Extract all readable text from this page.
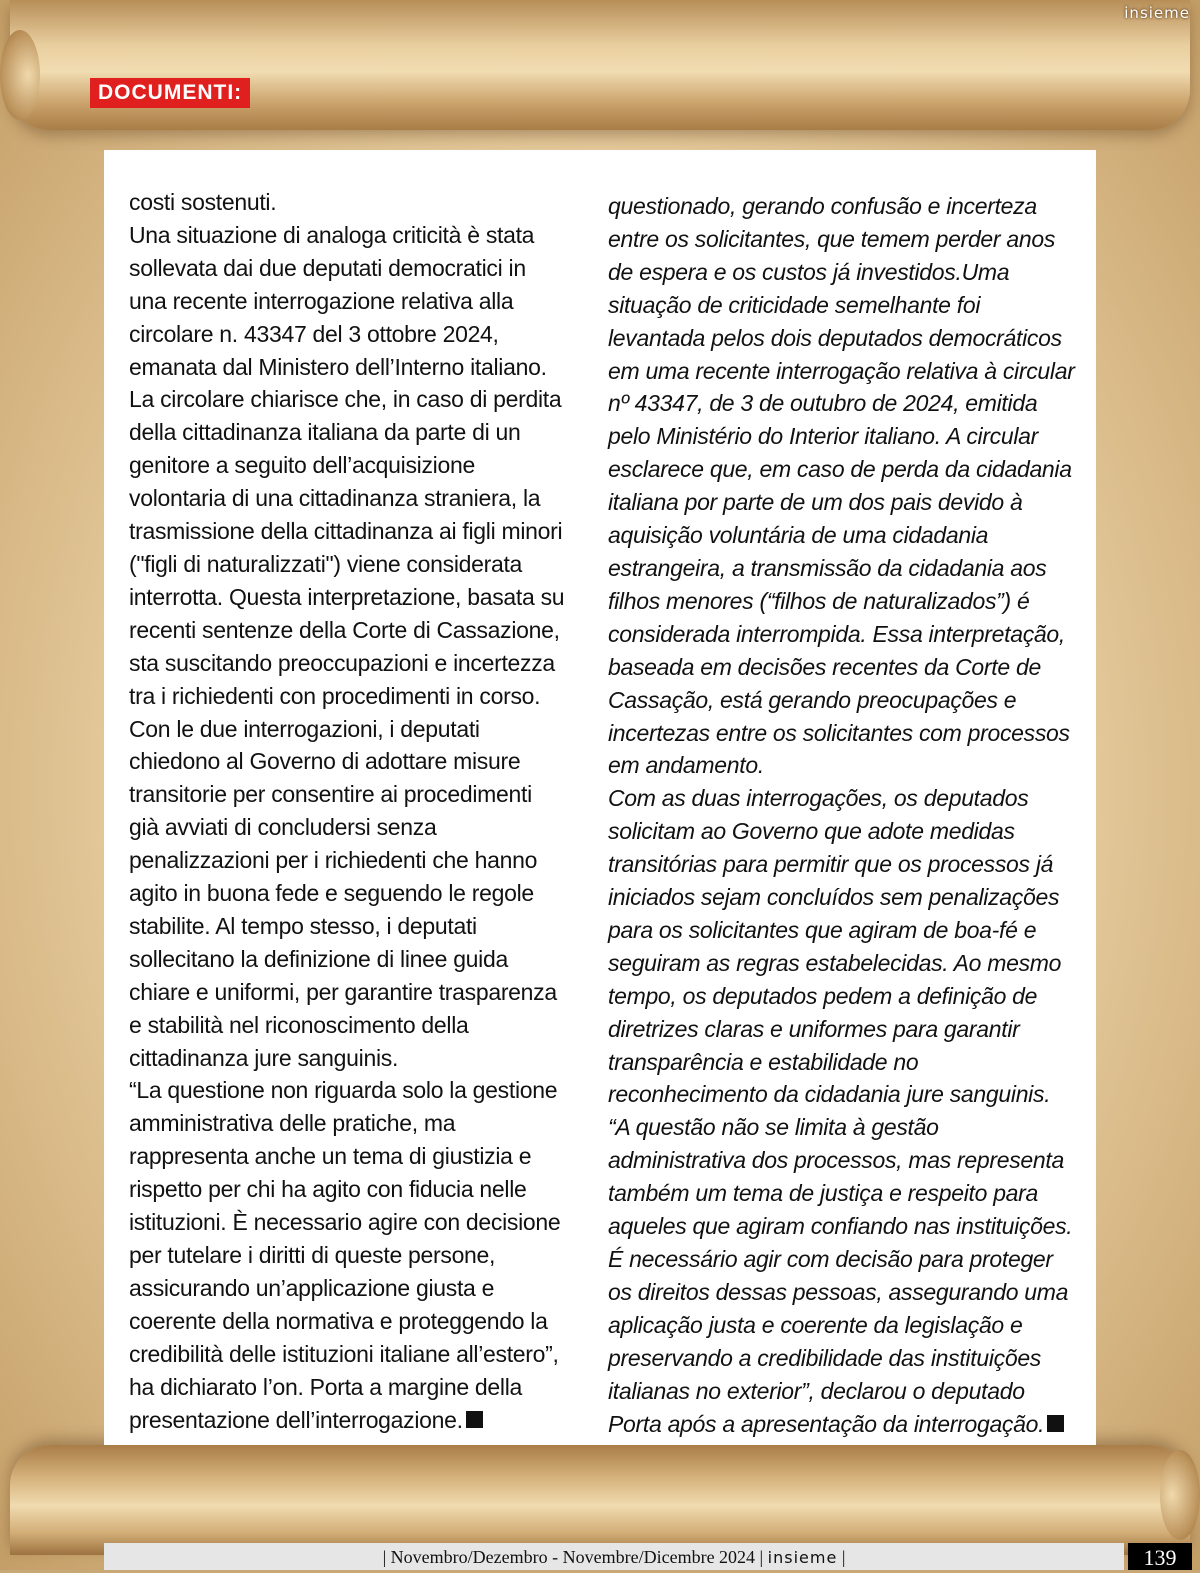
insieme
DOCUMENTI:

costi sostenuti.

Una situazione di analoga criticità è stata sollevata dai due deputati democratici in una recente interrogazione relativa alla circolare n. 43347 del 3 ottobre 2024, emanata dal Ministero dell’Interno italiano. La circolare chiarisce che, in caso di perdita della cittadinanza italiana da parte di un genitore a seguito dell’acquisizione volontaria di una cittadinanza straniera, la trasmissione della cittadinanza ai figli minori ("figli di naturalizzati") viene considerata interrotta. Questa interpretazione, basata su recenti sentenze della Corte di Cassazione, sta suscitando preoccupazioni e incertezza tra i richiedenti con procedimenti in corso.

Con le due interrogazioni, i deputati chiedono al Governo di adottare misure transitorie per consentire ai procedimenti già avviati di concludersi senza penalizzazioni per i richiedenti che hanno agito in buona fede e seguendo le regole stabilite. Al tempo stesso, i deputati sollecitano la definizione di linee guida chiare e uniformi, per garantire trasparenza e stabilità nel riconoscimento della cittadinanza jure sanguinis.

“La questione non riguarda solo la gestione amministrativa delle pratiche, ma rappresenta anche un tema di giustizia e rispetto per chi ha agito con fiducia nelle istituzioni. È necessario agire con decisione per tutelare i diritti di queste persone, assicurando un’applicazione giusta e coerente della normativa e proteggendo la credibilità delle istituzioni italiane all’estero”, ha dichiarato l’on. Porta a margine della presentazione dell’interrogazione.

questionado, gerando confusão e incerteza entre os solicitantes, que temem perder anos de espera e os custos já investidos.Uma situação de criticidade semelhante foi levantada pelos dois deputados democráticos em uma recente interrogação relativa à circular nº 43347, de 3 de outubro de 2024, emitida pelo Ministério do Interior italiano. A circular esclarece que, em caso de perda da cidadania italiana por parte de um dos pais devido à aquisição voluntária de uma cidadania estrangeira, a transmissão da cidadania aos filhos menores (“filhos de naturalizados”) é considerada interrompida. Essa interpretação, baseada em decisões recentes da Corte de Cassação, está gerando preocupações e incertezas entre os solicitantes com processos em andamento.

Com as duas interrogações, os deputados solicitam ao Governo que adote medidas transitórias para permitir que os processos já iniciados sejam concluídos sem penalizações para os solicitantes que agiram de boa-fé e seguiram as regras estabelecidas. Ao mesmo tempo, os deputados pedem a definição de diretrizes claras e uniformes para garantir transparência e estabilidade no reconhecimento da cidadania jure sanguinis.

“A questão não se limita à gestão administrativa dos processos, mas representa também um tema de justiça e respeito para aqueles que agiram confiando nas instituições. É necessário agir com decisão para proteger os direitos dessas pessoas, assegurando uma aplicação justa e coerente da legislação e preservando a credibilidade das instituições italianas no exterior”, declarou o deputado Porta após a apresentação da interrogação.

| Novembro/Dezembro - Novembre/Dicembre 2024 | insieme |	139
